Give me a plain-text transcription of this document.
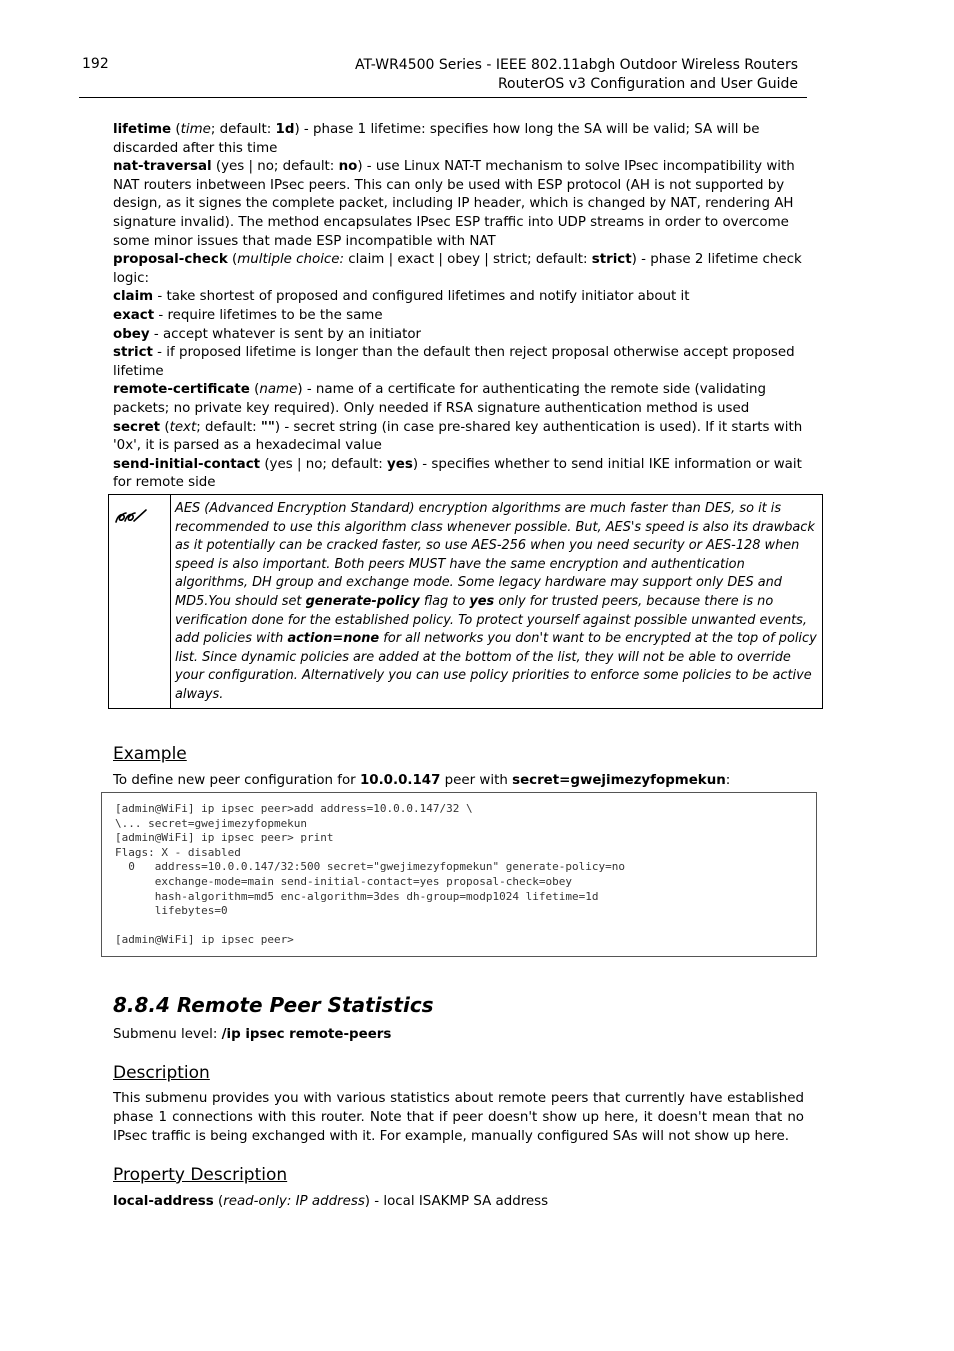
192	AT-WR4500 Series - IEEE 802.11abgh Outdoor Wireless Routers
RouterOS v3 Configuration and User Guide
lifetime (time; default: 1d) - phase 1 lifetime: specifies how long the SA will be valid; SA will be discarded after this time
nat-traversal (yes | no; default: no) - use Linux NAT-T mechanism to solve IPsec incompatibility with NAT routers inbetween IPsec peers. This can only be used with ESP protocol (AH is not supported by design, as it signes the complete packet, including IP header, which is changed by NAT, rendering AH signature invalid). The method encapsulates IPsec ESP traffic into UDP streams in order to overcome some minor issues that made ESP incompatible with NAT
proposal-check (multiple choice: claim | exact | obey | strict; default: strict) - phase 2 lifetime check logic:
claim - take shortest of proposed and configured lifetimes and notify initiator about it
exact - require lifetimes to be the same
obey - accept whatever is sent by an initiator
strict - if proposed lifetime is longer than the default then reject proposal otherwise accept proposed lifetime
remote-certificate (name) - name of a certificate for authenticating the remote side (validating packets; no private key required). Only needed if RSA signature authentication method is used
secret (text; default: "") - secret string (in case pre-shared key authentication is used). If it starts with '0x', it is parsed as a hexadecimal value
send-initial-contact (yes | no; default: yes) - specifies whether to send initial IKE information or wait for remote side
AES (Advanced Encryption Standard) encryption algorithms are much faster than DES, so it is recommended to use this algorithm class whenever possible. But, AES's speed is also its drawback as it potentially can be cracked faster, so use AES-256 when you need security or AES-128 when speed is also important. Both peers MUST have the same encryption and authentication algorithms, DH group and exchange mode. Some legacy hardware may support only DES and MD5.You should set generate-policy flag to yes only for trusted peers, because there is no verification done for the established policy. To protect yourself against possible unwanted events, add policies with action=none for all networks you don't want to be encrypted at the top of policy list. Since dynamic policies are added at the bottom of the list, they will not be able to override your configuration. Alternatively you can use policy priorities to enforce some policies to be active always.
Example
To define new peer configuration for 10.0.0.147 peer with secret=gwejimezyfopmekun:
[admin@WiFi] ip ipsec peer>add address=10.0.0.147/32 \
\... secret=gwejimezyfopmekun
[admin@WiFi] ip ipsec peer> print
Flags: X - disabled
0   address=10.0.0.147/32:500 secret="gwejimezyfopmekun" generate-policy=no
exchange-mode=main send-initial-contact=yes proposal-check=obey
hash-algorithm=md5 enc-algorithm=3des dh-group=modp1024 lifetime=1d
lifebytes=0

[admin@WiFi] ip ipsec peer>
8.8.4 Remote Peer Statistics
Submenu level: /ip ipsec remote-peers
Description
This submenu provides you with various statistics about remote peers that currently have established phase 1 connections with this router. Note that if peer doesn't show up here, it doesn't mean that no IPsec traffic is being exchanged with it. For example, manually configured SAs will not show up here.
Property Description
local-address (read-only: IP address) - local ISAKMP SA address
